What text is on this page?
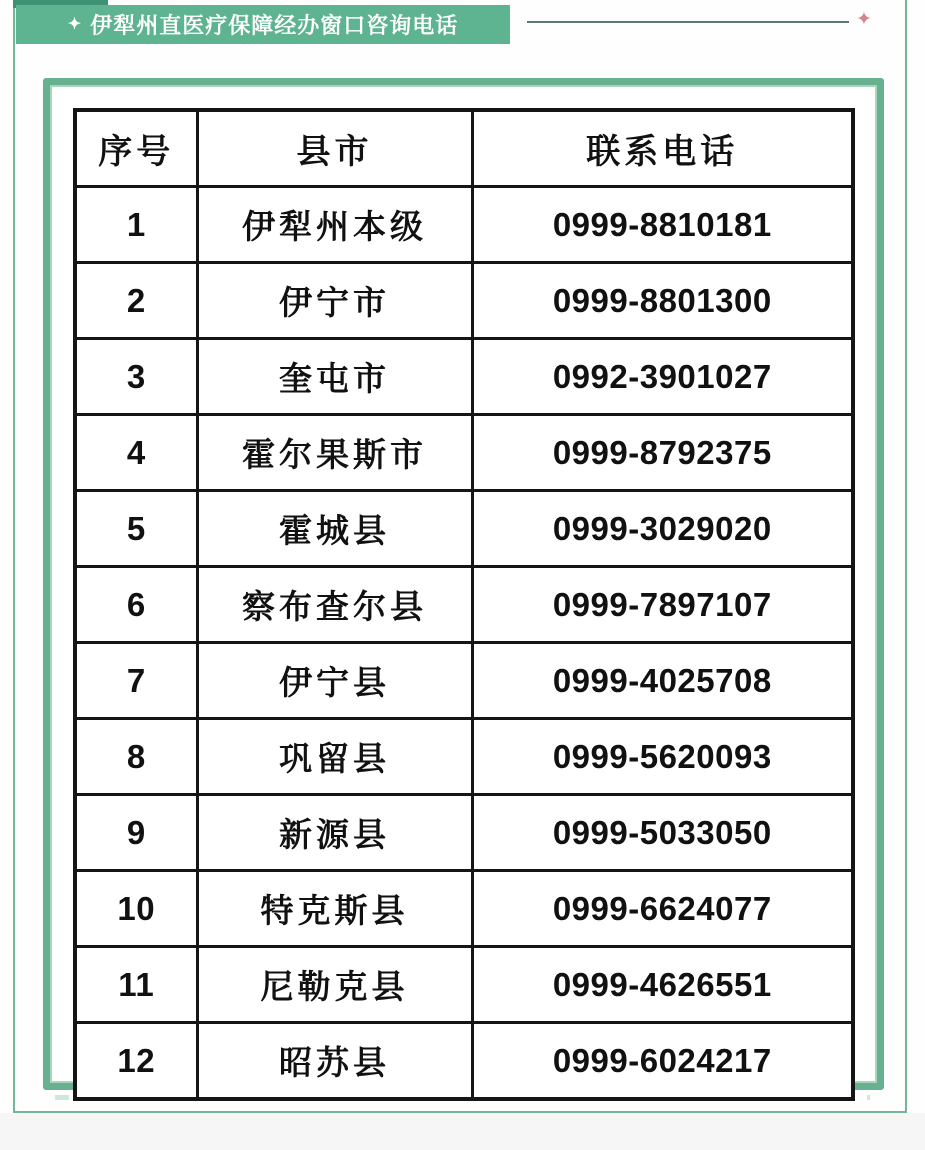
✦ 伊犁州直医疗保障经办窗口咨询电话	✦
序号	县市	联系电话
1	伊犁州本级	0999-8810181
2	伊宁市	0999-8801300
3	奎屯市	0992-3901027
4	霍尔果斯市	0999-8792375
5	霍城县	0999-3029020
6	察布查尔县	0999-7897107
7	伊宁县	0999-4025708
8	巩留县	0999-5620093
9	新源县	0999-5033050
10	特克斯县	0999-6624077
11	尼勒克县	0999-4626551
12	昭苏县	0999-6024217
